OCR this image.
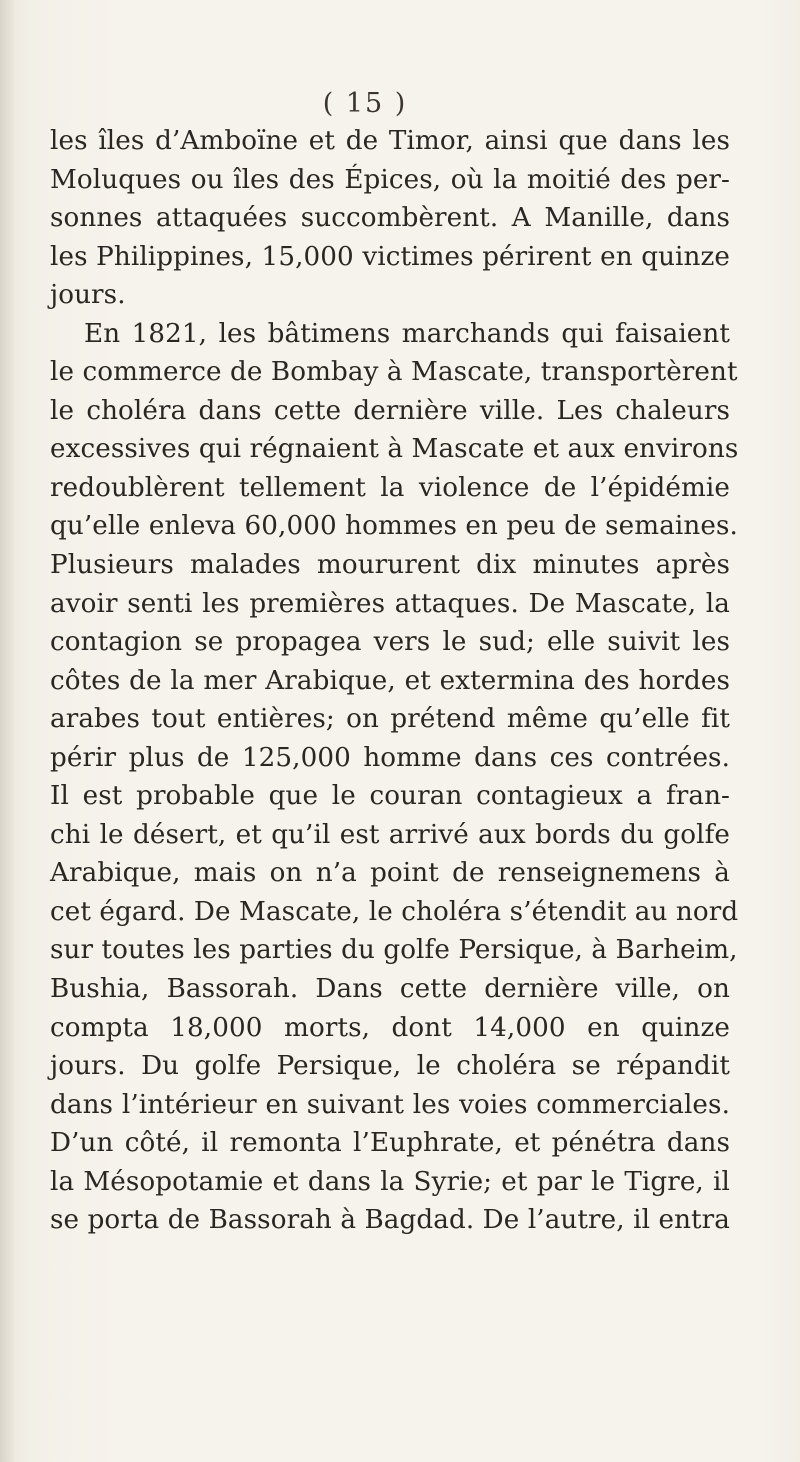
( 15 )
les îles d’Amboïne et de Timor, ainsi que dans les
Moluques ou îles des Épices, où la moitié des per-
sonnes attaquées succombèrent. A Manille, dans
les Philippines, 15,000 victimes périrent en quinze
jours.
En 1821, les bâtimens marchands qui faisaient
le commerce de Bombay à Mascate, transportèrent
le choléra dans cette dernière ville. Les chaleurs
excessives qui régnaient à Mascate et aux environs
redoublèrent tellement la violence de l’épidémie
qu’elle enleva 60,000 hommes en peu de semaines.
Plusieurs malades moururent dix minutes après
avoir senti les premières attaques. De Mascate, la
contagion se propagea vers le sud; elle suivit les
côtes de la mer Arabique, et extermina des hordes
arabes tout entières; on prétend même qu’elle fit
périr plus de 125,000 homme dans ces contrées.
Il est probable que le couran contagieux a fran-
chi le désert, et qu’il est arrivé aux bords du golfe
Arabique, mais on n’a point de renseignemens à
cet égard. De Mascate, le choléra s’étendit au nord
sur toutes les parties du golfe Persique, à Barheim,
Bushia, Bassorah. Dans cette dernière ville, on
compta 18,000 morts, dont 14,000 en quinze
jours. Du golfe Persique, le choléra se répandit
dans l’intérieur en suivant les voies commerciales.
D’un côté, il remonta l’Euphrate, et pénétra dans
la Mésopotamie et dans la Syrie; et par le Tigre, il
se porta de Bassorah à Bagdad. De l’autre, il entra
